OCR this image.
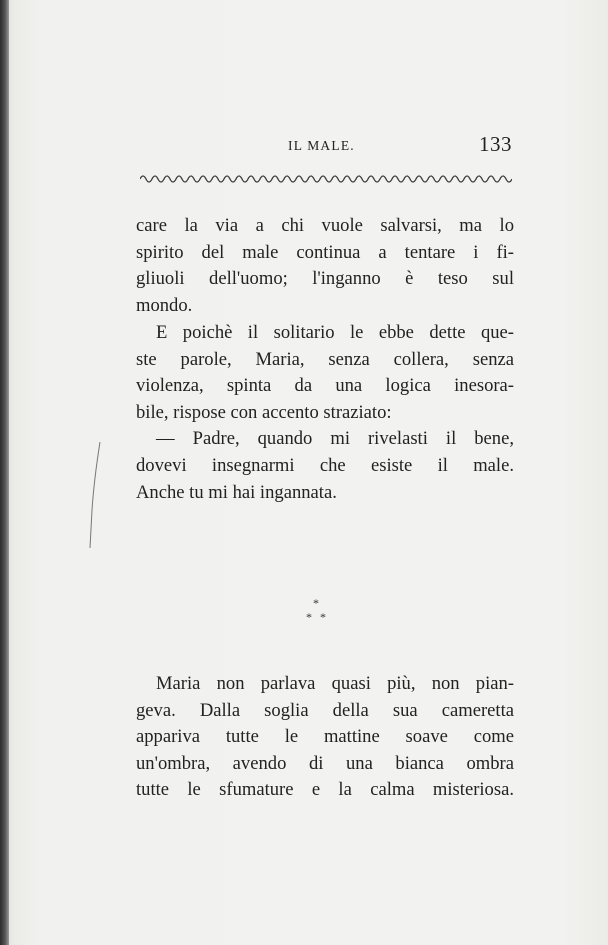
IL MALE.	133

care la via a chi vuole salvarsi, ma lo

spirito del male continua a tentare i fi-

gliuoli dell'uomo; l'inganno è teso sul

mondo.

E poichè il solitario le ebbe dette que-

ste parole, Maria, senza collera, senza

violenza, spinta da una logica inesora-

bile, rispose con accento straziato:

— Padre, quando mi rivelasti il bene,

dovevi insegnarmi che esiste il male.

Anche tu mi hai ingannata.

*
* *

Maria non parlava quasi più, non pian-

geva. Dalla soglia della sua cameretta

appariva tutte le mattine soave come

un'ombra, avendo di una bianca ombra

tutte le sfumature e la calma misteriosa.
